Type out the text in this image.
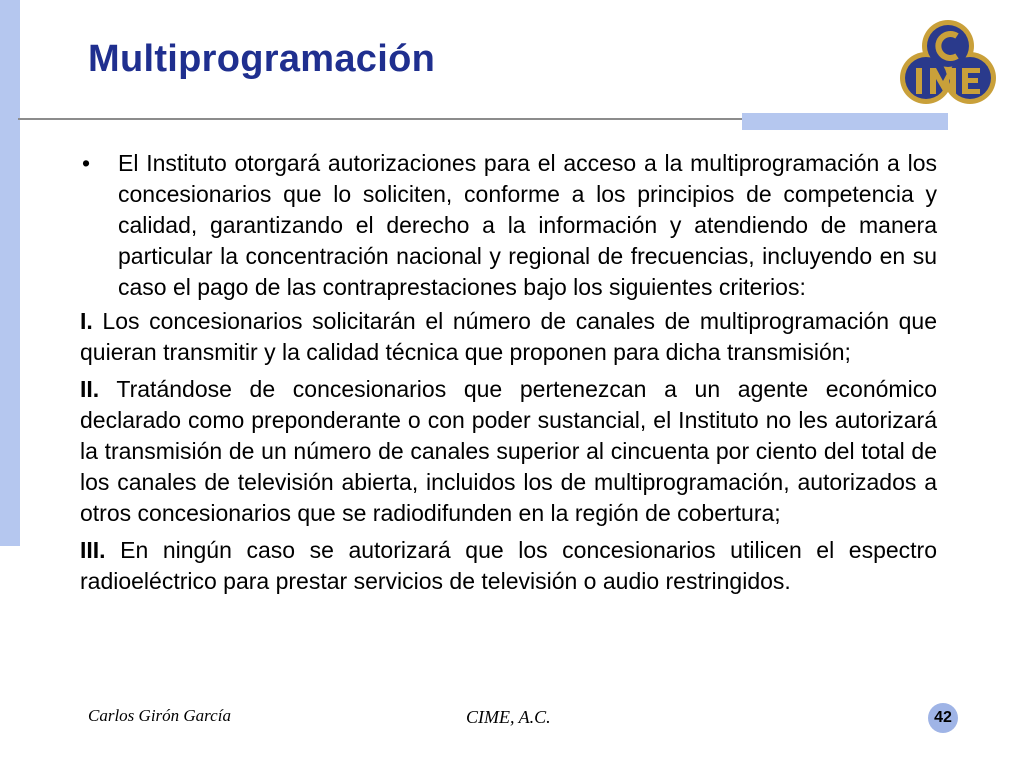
Multiprogramación

• El Instituto otorgará autorizaciones para el acceso a la multiprogramación a los concesionarios que lo soliciten, conforme a los principios de competencia y calidad, garantizando el derecho a la información y atendiendo de manera particular la concentración nacional y regional de frecuencias, incluyendo en su caso el pago de las contraprestaciones bajo los siguientes criterios:

I. Los concesionarios solicitarán el número de canales de multiprogramación que quieran transmitir y la calidad técnica que proponen para dicha transmisión;

II. Tratándose de concesionarios que pertenezcan a un agente económico declarado como preponderante o con poder sustancial, el Instituto no les autorizará la transmisión de un número de canales superior al cincuenta por ciento del total de los canales de televisión abierta, incluidos los de multiprogramación, autorizados a otros concesionarios que se radiodifunden en la región de cobertura;

III. En ningún caso se autorizará que los concesionarios utilicen el espectro radioeléctrico para prestar servicios de televisión o audio restringidos.

Carlos Girón García	CIME, A.C.	42
